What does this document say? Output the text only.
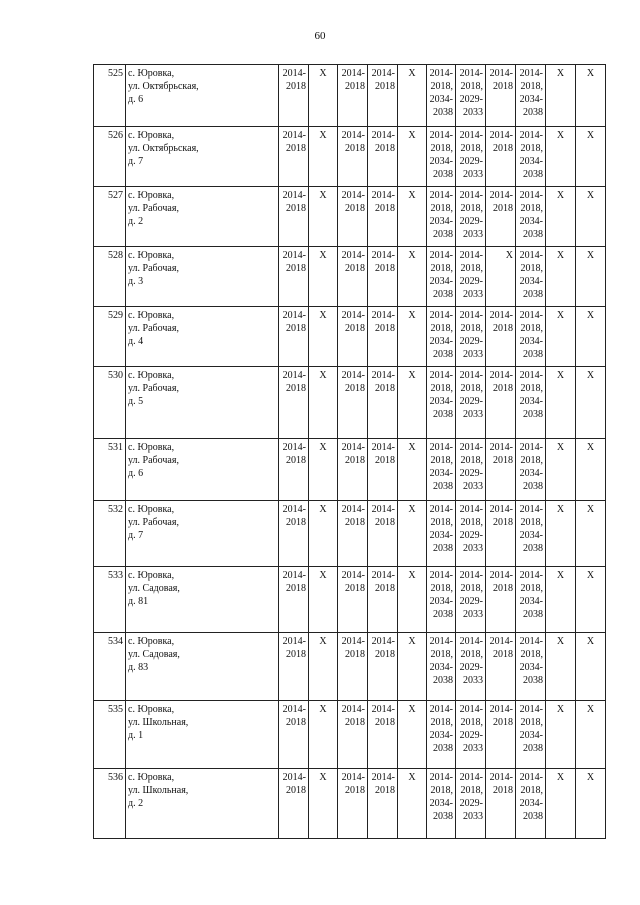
60
525	с. Юровка,
ул. Октябрьская,
д. 6	2014-
2018	Х	2014-
2018	2014-
2018	Х	2014-
2018,
2034-
2038	2014-
2018,
2029-
2033	2014-
2018	2014-
2018,
2034-
2038	Х	Х
526	с. Юровка,
ул. Октябрьская,
д. 7	2014-
2018	Х	2014-
2018	2014-
2018	Х	2014-
2018,
2034-
2038	2014-
2018,
2029-
2033	2014-
2018	2014-
2018,
2034-
2038	Х	Х
527	с. Юровка,
ул. Рабочая,
д. 2	2014-
2018	Х	2014-
2018	2014-
2018	Х	2014-
2018,
2034-
2038	2014-
2018,
2029-
2033	2014-
2018	2014-
2018,
2034-
2038	Х	Х
528	с. Юровка,
ул. Рабочая,
д. 3	2014-
2018	Х	2014-
2018	2014-
2018	Х	2014-
2018,
2034-
2038	2014-
2018,
2029-
2033	Х	2014-
2018,
2034-
2038	Х	Х
529	с. Юровка,
ул. Рабочая,
д. 4	2014-
2018	Х	2014-
2018	2014-
2018	Х	2014-
2018,
2034-
2038	2014-
2018,
2029-
2033	2014-
2018	2014-
2018,
2034-
2038	Х	Х
530	с. Юровка,
ул. Рабочая,
д. 5	2014-
2018	Х	2014-
2018	2014-
2018	Х	2014-
2018,
2034-
2038	2014-
2018,
2029-
2033	2014-
2018	2014-
2018,
2034-
2038	Х	Х
531	с. Юровка,
ул. Рабочая,
д. 6	2014-
2018	Х	2014-
2018	2014-
2018	Х	2014-
2018,
2034-
2038	2014-
2018,
2029-
2033	2014-
2018	2014-
2018,
2034-
2038	Х	Х
532	с. Юровка,
ул. Рабочая,
д. 7	2014-
2018	Х	2014-
2018	2014-
2018	Х	2014-
2018,
2034-
2038	2014-
2018,
2029-
2033	2014-
2018	2014-
2018,
2034-
2038	Х	Х
533	с. Юровка,
ул. Садовая,
д. 81	2014-
2018	Х	2014-
2018	2014-
2018	Х	2014-
2018,
2034-
2038	2014-
2018,
2029-
2033	2014-
2018	2014-
2018,
2034-
2038	Х	Х
534	с. Юровка,
ул. Садовая,
д. 83	2014-
2018	Х	2014-
2018	2014-
2018	Х	2014-
2018,
2034-
2038	2014-
2018,
2029-
2033	2014-
2018	2014-
2018,
2034-
2038	Х	Х
535	с. Юровка,
ул. Школьная,
д. 1	2014-
2018	Х	2014-
2018	2014-
2018	Х	2014-
2018,
2034-
2038	2014-
2018,
2029-
2033	2014-
2018	2014-
2018,
2034-
2038	Х	Х
536	с. Юровка,
ул. Школьная,
д. 2	2014-
2018	Х	2014-
2018	2014-
2018	Х	2014-
2018,
2034-
2038	2014-
2018,
2029-
2033	2014-
2018	2014-
2018,
2034-
2038	Х	Х
